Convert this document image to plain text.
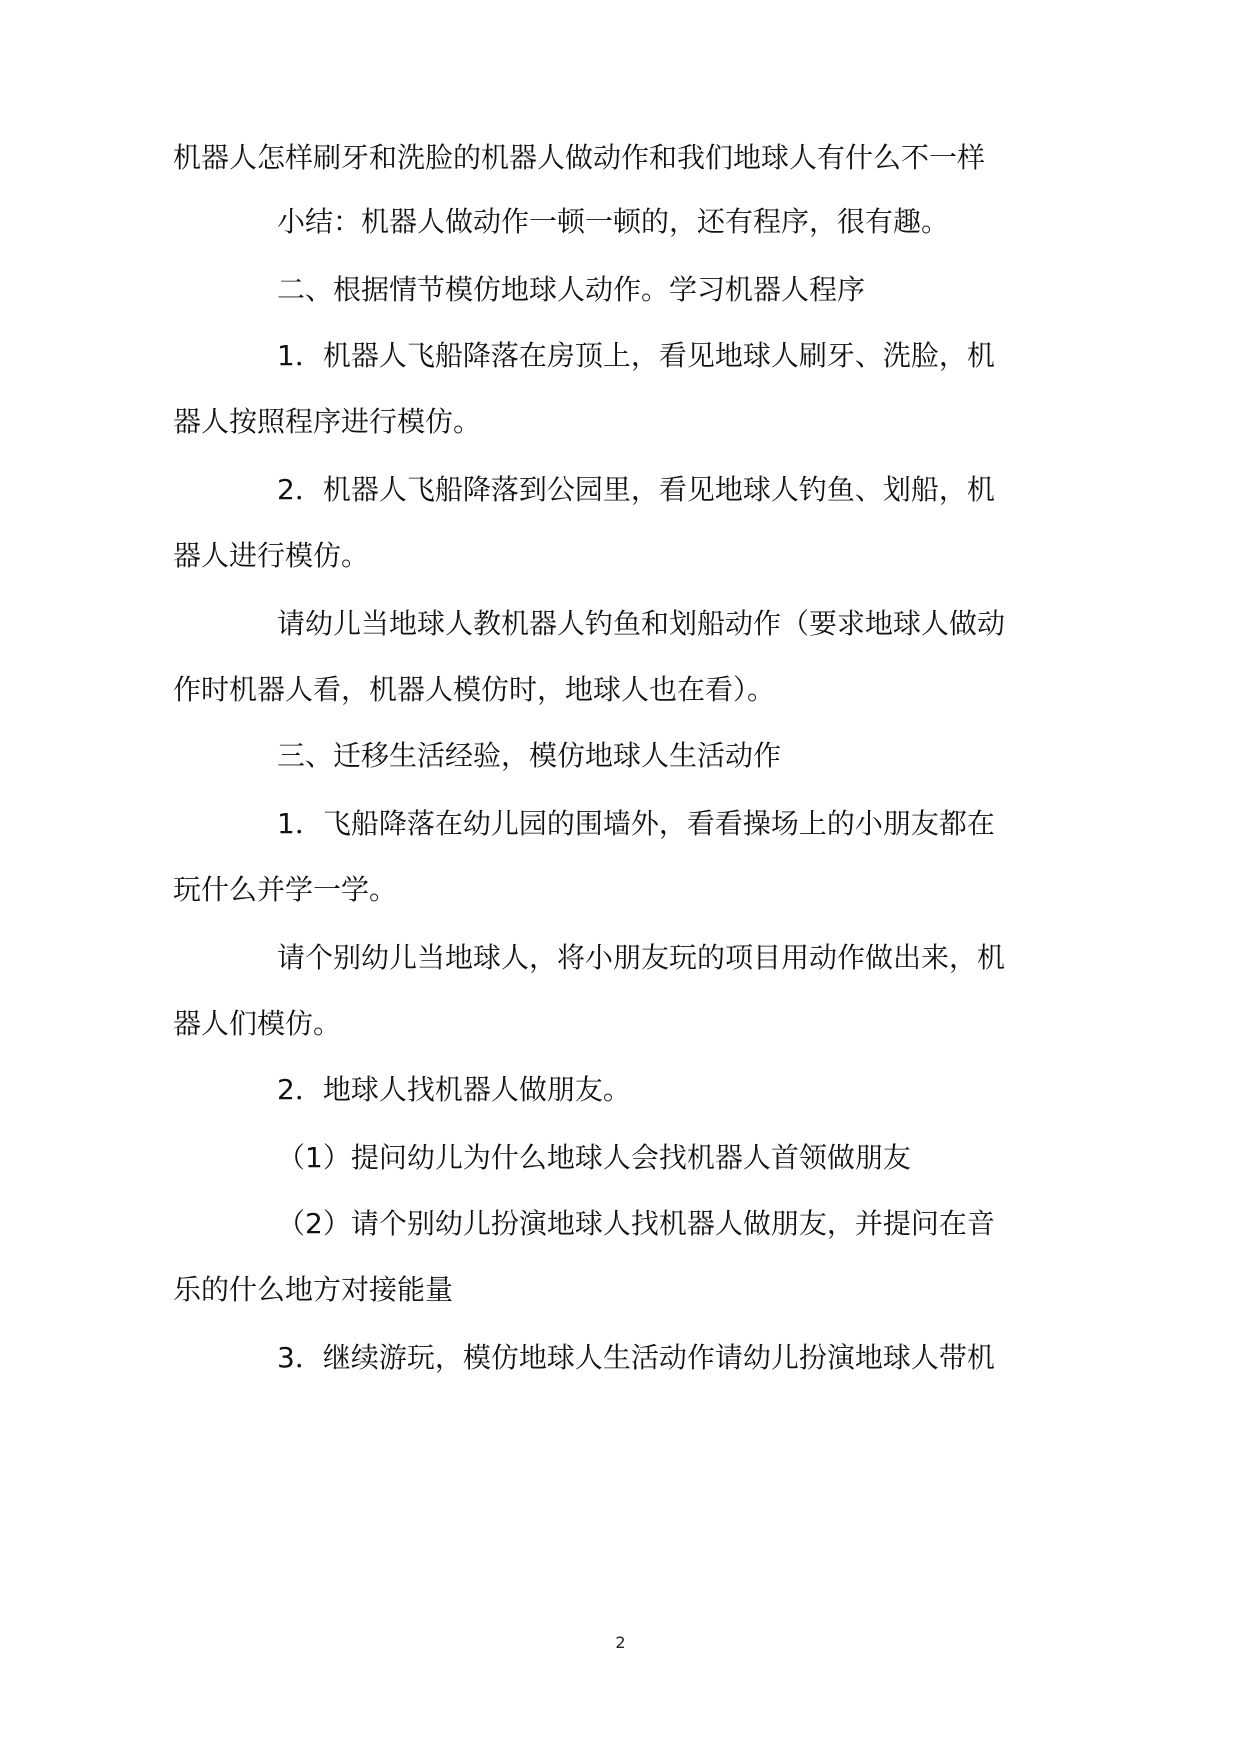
机器人怎样刷牙和洗脸的机器人做动作和我们地球人有什么不一样

小结：机器人做动作一顿一顿的，还有程序，很有趣。

二、根据情节模仿地球人动作。学习机器人程序

1．机器人飞船降落在房顶上，看见地球人刷牙、洗脸，机

器人按照程序进行模仿。

2．机器人飞船降落到公园里，看见地球人钓鱼、划船，机

器人进行模仿。

请幼儿当地球人教机器人钓鱼和划船动作（要求地球人做动

作时机器人看，机器人模仿时，地球人也在看）。

三、迁移生活经验，模仿地球人生活动作

1．飞船降落在幼儿园的围墙外，看看操场上的小朋友都在

玩什么并学一学。

请个别幼儿当地球人，将小朋友玩的项目用动作做出来，机

器人们模仿。

2．地球人找机器人做朋友。

（1）提问幼儿为什么地球人会找机器人首领做朋友

（2）请个别幼儿扮演地球人找机器人做朋友，并提问在音

乐的什么地方对接能量

3．继续游玩，模仿地球人生活动作请幼儿扮演地球人带机

2
